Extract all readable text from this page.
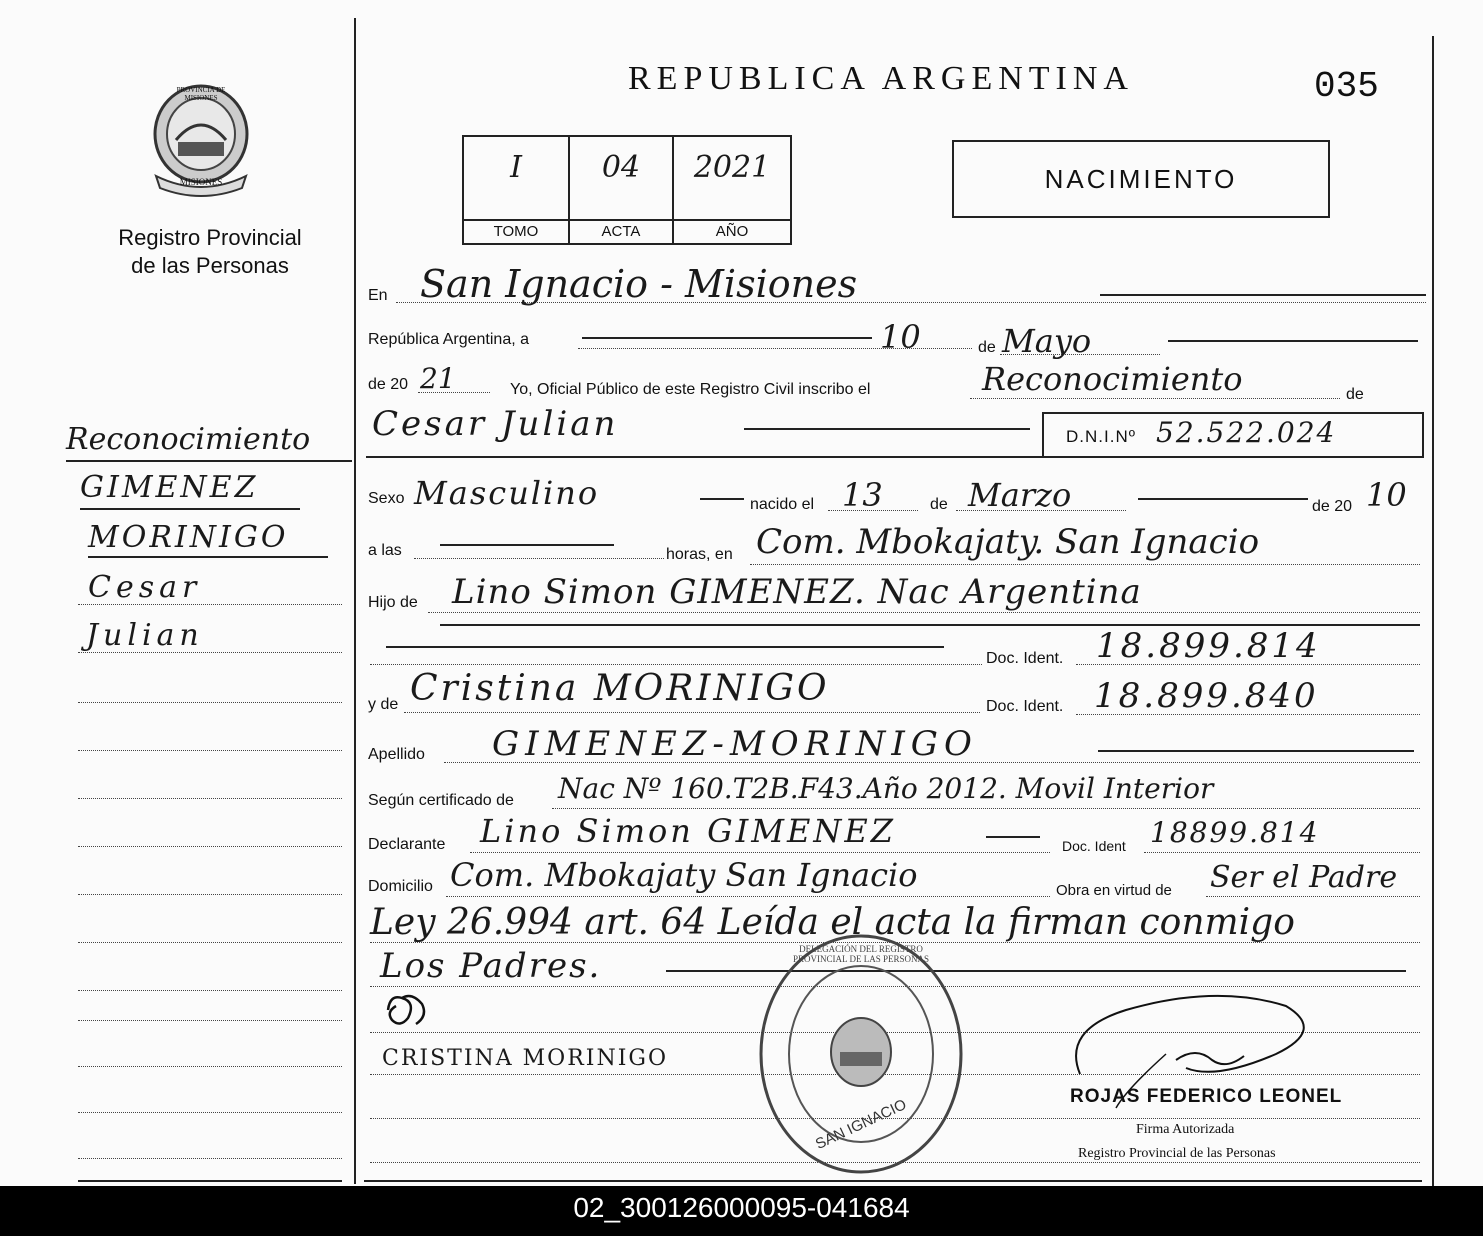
PROVINCIA DE MISIONES
MISIONES
Registro Provincial
de las Personas
REPUBLICA ARGENTINA	035
I
TOMO
04
ACTA
2021
AÑO
NACIMIENTO
Reconocimiento
GIMENEZ
MORINIGO
Cesar
Julian
En San Ignacio - Misiones
República Argentina, a	10	de Mayo
de 20 21	Yo, Oficial Público de este Registro Civil inscribo el	Reconocimiento	de
Cesar Julian	D.N.I.Nº 52.522.024
Sexo Masculino	nacido el 13	de Marzo	de 20 10
a las	horas, en Com. Mbokajaty. San Ignacio
Hijo de Lino Simon GIMENEZ. Nac Argentina
Doc. Ident. 18.899.814
y de Cristina MORINIGO	Doc. Ident. 18.899.840
Apellido GIMENEZ-MORINIGO
Según certificado de Nac Nº 160.T2B.F43.Año 2012. Movil Interior
Declarante Lino Simon GIMENEZ	Doc. Ident 18899.814
Domicilio Com. Mbokajaty San Ignacio	Obra en virtud de Ser el Padre
Ley 26.994 art. 64 Leída el acta la firman conmigo
Los Padres.
CRISTINA MORINIGO
DELEGACIÓN DEL REGISTRO PROVINCIAL DE LAS PERSONAS
SAN IGNACIO	ROJAS FEDERICO LEONEL
Firma Autorizada
Registro Provincial de las Personas
02_300126000095-041684
